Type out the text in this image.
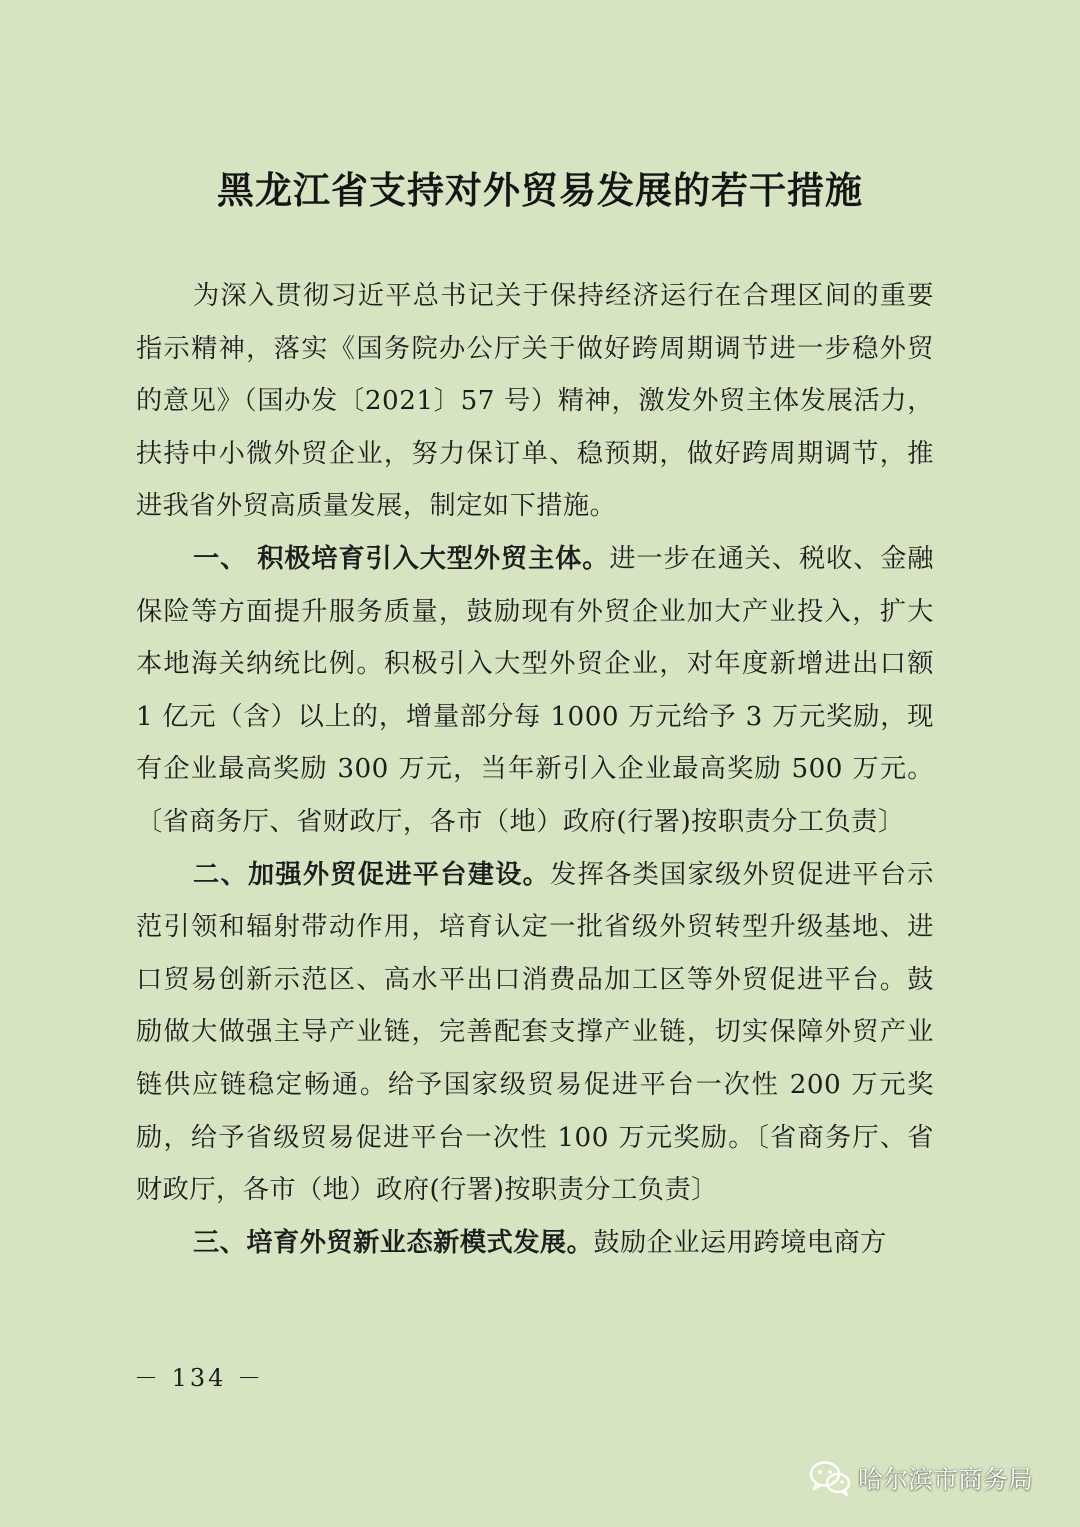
黑龙江省支持对外贸易发展的若干措施

为深入贯彻习近平总书记关于保持经济运行在合理区间的重要指示精神，落实《国务院办公厅关于做好跨周期调节进一步稳外贸的意见》（国办发〔2021〕57 号）精神，激发外贸主体发展活力，扶持中小微外贸企业，努力保订单、稳预期，做好跨周期调节，推进我省外贸高质量发展，制定如下措施。

一、 积极培育引入大型外贸主体。进一步在通关、税收、金融保险等方面提升服务质量，鼓励现有外贸企业加大产业投入，扩大本地海关纳统比例。积极引入大型外贸企业，对年度新增进出口额 1 亿元（含）以上的，增量部分每 1000 万元给予 3 万元奖励，现有企业最高奖励 300 万元，当年新引入企业最高奖励 500 万元。〔省商务厅、省财政厅，各市（地）政府(行署)按职责分工负责〕

二、加强外贸促进平台建设。发挥各类国家级外贸促进平台示范引领和辐射带动作用，培育认定一批省级外贸转型升级基地、进口贸易创新示范区、高水平出口消费品加工区等外贸促进平台。鼓励做大做强主导产业链，完善配套支撑产业链，切实保障外贸产业链供应链稳定畅通。给予国家级贸易促进平台一次性 200 万元奖励，给予省级贸易促进平台一次性 100 万元奖励。〔省商务厅、省财政厅，各市（地）政府(行署)按职责分工负责〕

三、培育外贸新业态新模式发展。鼓励企业运用跨境电商方

－ 134 －
哈尔滨市商务局
